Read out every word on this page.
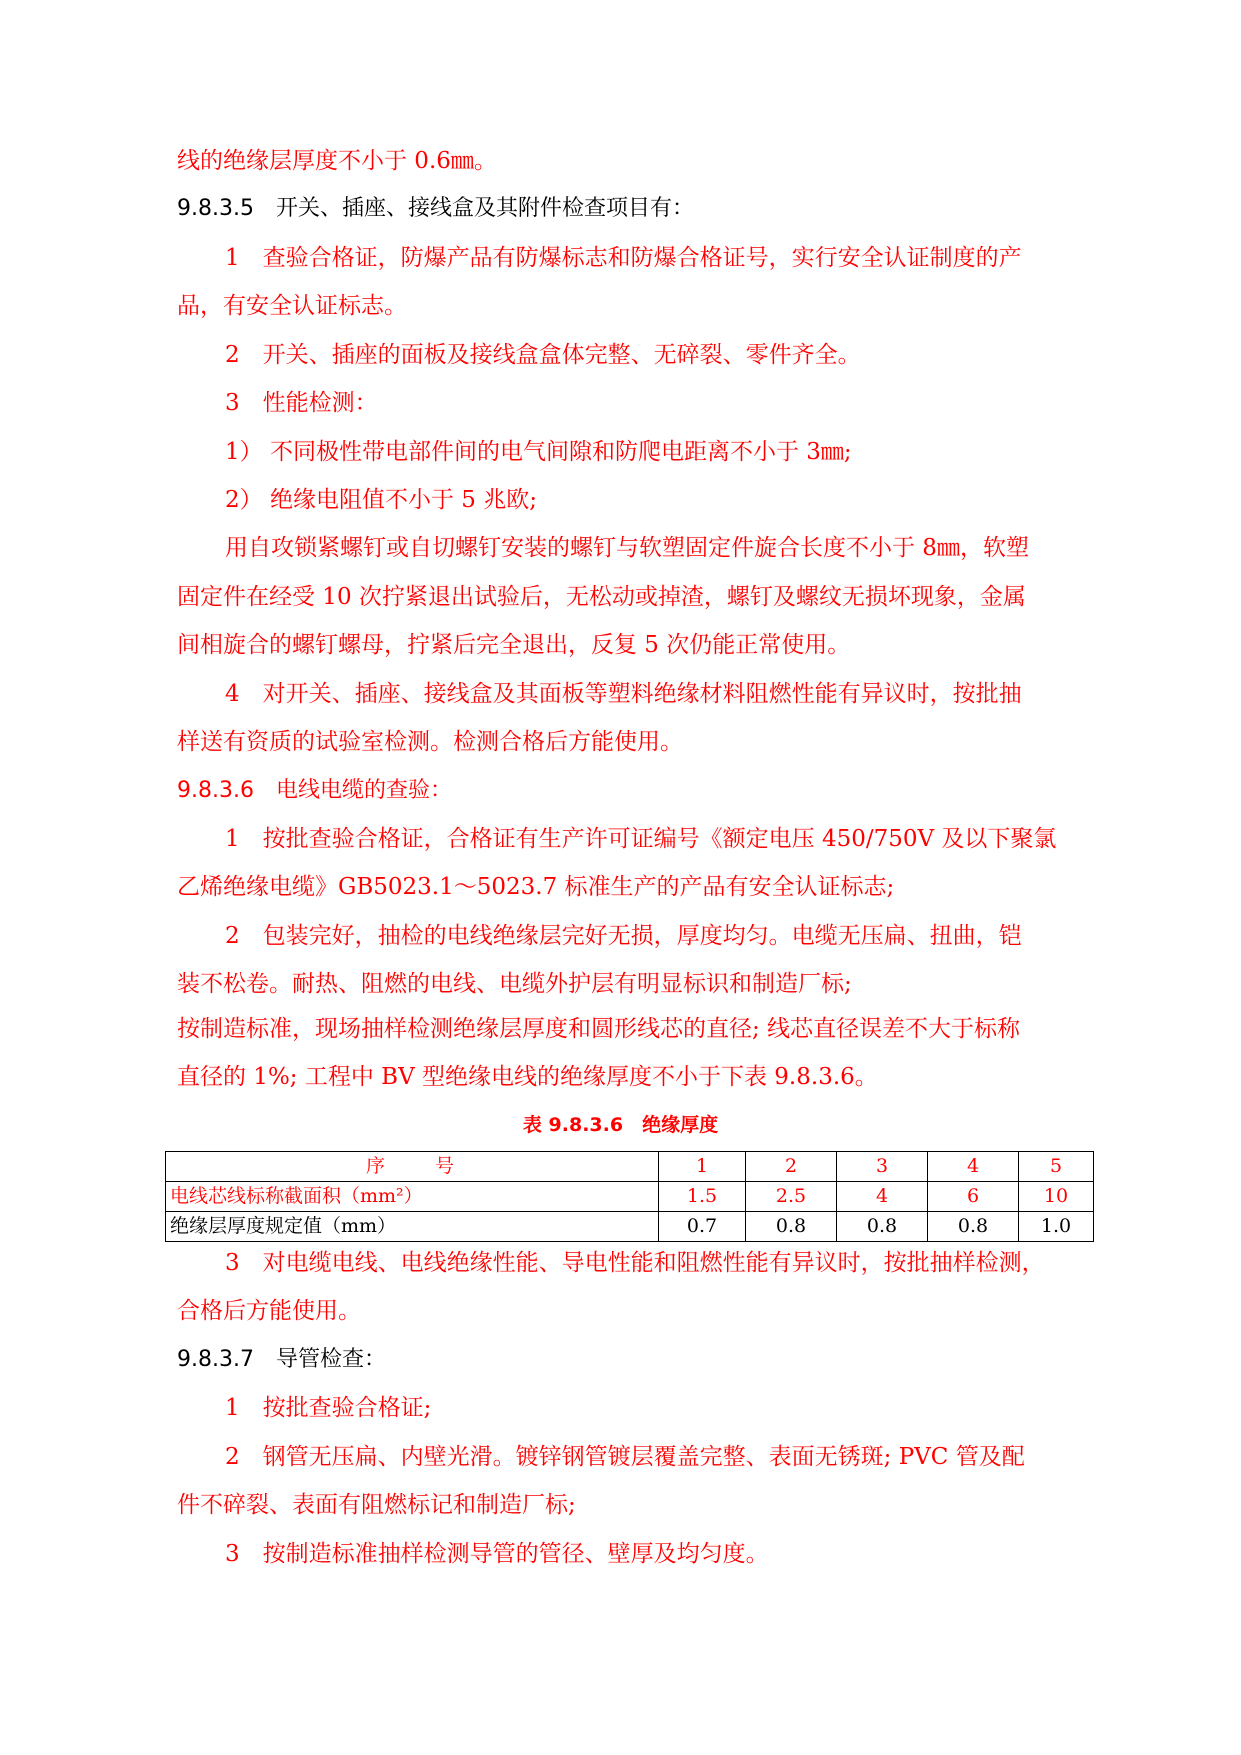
线的绝缘层厚度不小于 0.6㎜。
9.8.3.5　开关、插座、接线盒及其附件检查项目有：
1　查验合格证，防爆产品有防爆标志和防爆合格证号，实行安全认证制度的产
品，有安全认证标志。
2　开关、插座的面板及接线盒盒体完整、无碎裂、零件齐全。
3　性能检测：
1） 不同极性带电部件间的电气间隙和防爬电距离不小于 3㎜;
2） 绝缘电阻值不小于 5 兆欧;
用自攻锁紧螺钉或自切螺钉安装的螺钉与软塑固定件旋合长度不小于 8㎜，软塑
固定件在经受 10 次拧紧退出试验后，无松动或掉渣，螺钉及螺纹无损坏现象，金属
间相旋合的螺钉螺母，拧紧后完全退出，反复 5 次仍能正常使用。
4　对开关、插座、接线盒及其面板等塑料绝缘材料阻燃性能有异议时，按批抽
样送有资质的试验室检测。检测合格后方能使用。
9.8.3.6　电线电缆的查验：
1　按批查验合格证，合格证有生产许可证编号《额定电压 450/750V 及以下聚氯
乙烯绝缘电缆》GB5023.1～5023.7 标准生产的产品有安全认证标志;
2　包装完好，抽检的电线绝缘层完好无损，厚度均匀。电缆无压扁、扭曲，铠
装不松卷。耐热、阻燃的电线、电缆外护层有明显标识和制造厂标;
按制造标准，现场抽样检测绝缘层厚度和圆形线芯的直径; 线芯直径误差不大于标称
直径的 1%; 工程中 BV 型绝缘电线的绝缘厚度不小于下表 9.8.3.6。
表 9.8.3.6　绝缘厚度
序　　号	1	2	3	4	5
电线芯线标称截面积（mm²）	1.5	2.5	4	6	10
绝缘层厚度规定值（mm）	0.7	0.8	0.8	0.8	1.0
3　对电缆电线、电线绝缘性能、导电性能和阻燃性能有异议时，按批抽样检测，
合格后方能使用。
9.8.3.7　导管检查：
1　按批查验合格证;
2　钢管无压扁、内壁光滑。镀锌钢管镀层覆盖完整、表面无锈斑; PVC 管及配
件不碎裂、表面有阻燃标记和制造厂标;
3　按制造标准抽样检测导管的管径、壁厚及均匀度。
